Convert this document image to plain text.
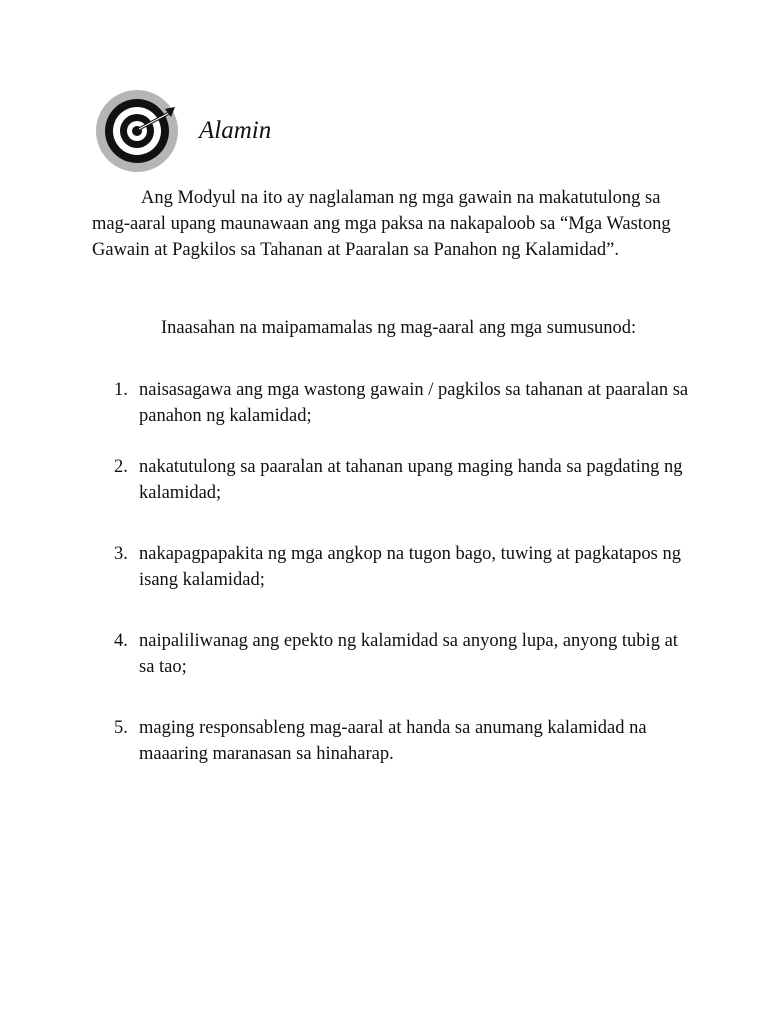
Alamin

Ang Modyul na ito ay naglalaman ng mga gawain na makatutulong sa mag-aaral upang maunawaan ang mga paksa na nakapaloob sa “Mga Wastong Gawain at Pagkilos sa Tahanan at Paaralan sa Panahon ng Kalamidad”.

Inaasahan na maipamamalas ng mag-aaral ang mga sumusunod:

1. naisasagawa ang mga wastong gawain / pagkilos sa tahanan at paaralan sa panahon ng kalamidad;
2. nakatutulong sa paaralan at tahanan upang maging handa sa pagdating ng kalamidad;
3. nakapagpapakita ng mga angkop na tugon bago, tuwing at pagkatapos ng isang kalamidad;
4. naipaliliwanag ang epekto ng kalamidad sa anyong lupa, anyong tubig at sa tao;
5. maging responsableng mag-aaral at handa sa anumang kalamidad na maaaring maranasan sa hinaharap.
